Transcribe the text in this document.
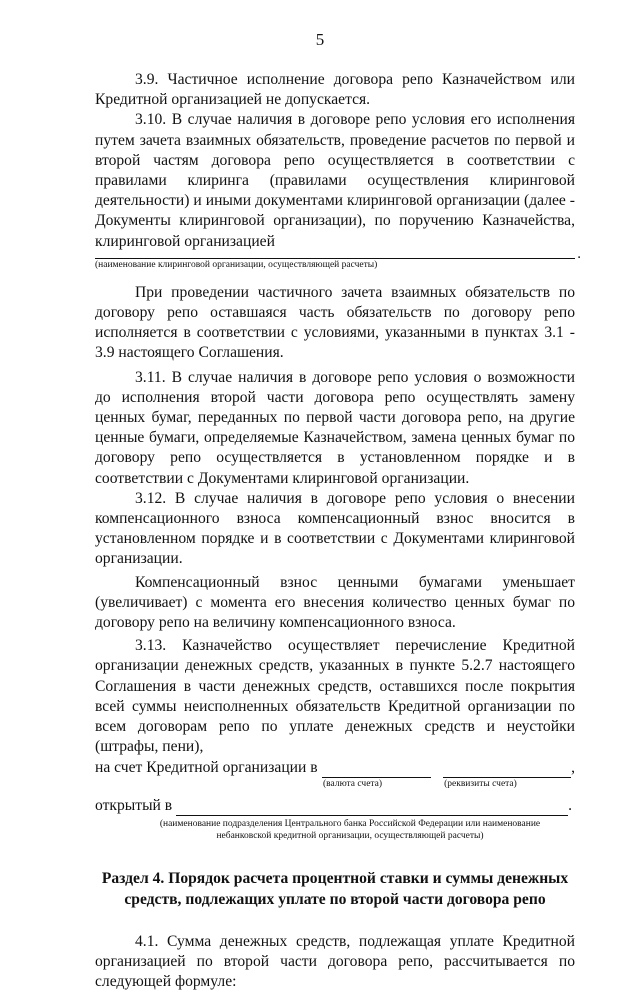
5

3.9. Частичное исполнение договора репо Казначейством или Кредитной организацией не допускается.

3.10. В случае наличия в договоре репо условия его исполнения путем зачета взаимных обязательств, проведение расчетов по первой и второй частям договора репо осуществляется в соответствии с правилами клиринга (правилами осуществления клиринговой деятельности) и иными документами клиринговой организации (далее - Документы клиринговой организации), по поручению Казначейства, клиринговой организацией

.
(наименование клиринговой организации, осуществляющей расчеты)

При проведении частичного зачета взаимных обязательств по договору репо оставшаяся часть обязательств по договору репо исполняется в соответствии с условиями, указанными в пунктах 3.1 - 3.9 настоящего Соглашения.

3.11. В случае наличия в договоре репо условия о возможности до исполнения второй части договора репо осуществлять замену ценных бумаг, переданных по первой части договора репо, на другие ценные бумаги, определяемые Казначейством, замена ценных бумаг по договору репо осуществляется в установленном порядке и в соответствии с Документами клиринговой организации.

3.12. В случае наличия в договоре репо условия о внесении компенсационного взноса компенсационный взнос вносится в установленном порядке и в соответствии с Документами клиринговой организации.

Компенсационный взнос ценными бумагами уменьшает (увеличивает) с момента его внесения количество ценных бумаг по договору репо на величину компенсационного взноса.

3.13. Казначейство осуществляет перечисление Кредитной организации денежных средств, указанных в пункте 5.2.7 настоящего Соглашения в части денежных средств, оставшихся после покрытия всей суммы неисполненных обязательств Кредитной организации по всем договорам репо по уплате денежных средств и неустойки (штрафы, пени),

на счет Кредитной организации в	,
(валюта счета)	(реквизиты счета)
открытый в	.
(наименование подразделения Центрального банка Российской Федерации или наименование небанковской кредитной организации, осуществляющей расчеты)
Раздел 4. Порядок расчета процентной ставки и суммы денежных средств, подлежащих уплате по второй части договора репо

4.1. Сумма денежных средств, подлежащая уплате Кредитной организацией по второй части договора репо, рассчитывается по следующей формуле:
